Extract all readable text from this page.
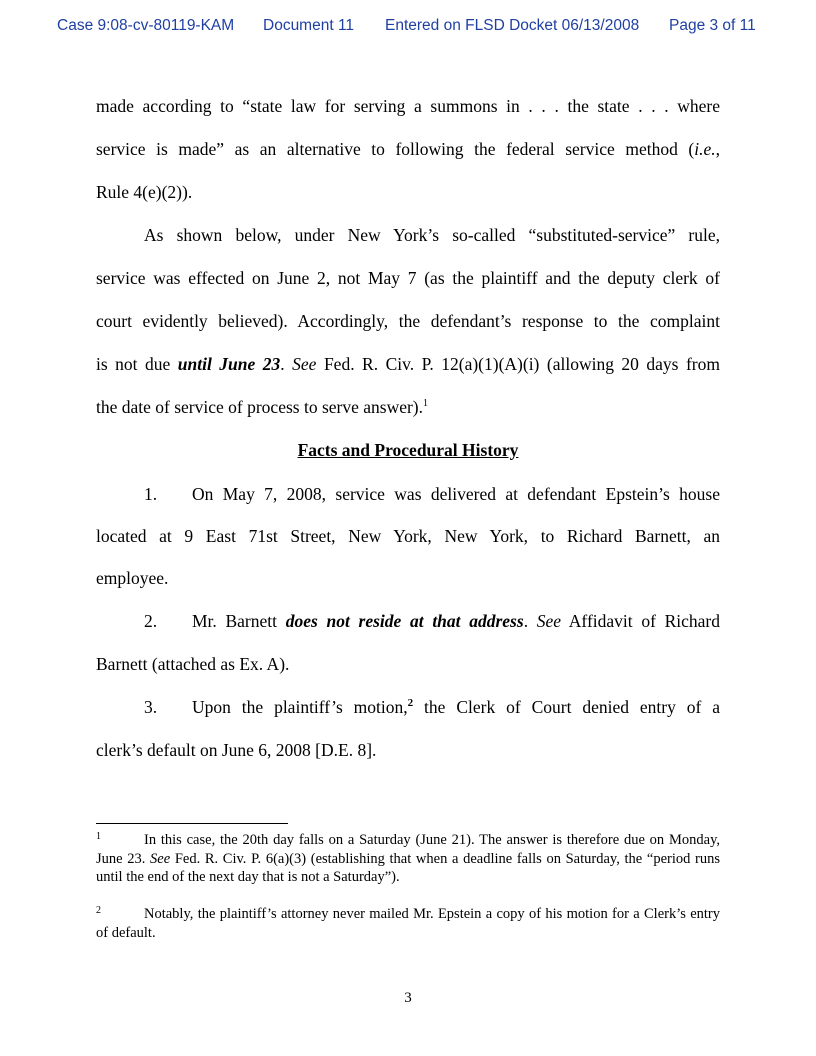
Case 9:08-cv-80119-KAM Document 11 Entered on FLSD Docket 06/13/2008 Page 3 of 11
made according to “state law for serving a summons in . . . the state . . . where
service is made” as an alternative to following the federal service method (i.e.,
Rule 4(e)(2)).
As shown below, under New York’s so-called “substituted-service” rule,
service was effected on June 2, not May 7 (as the plaintiff and the deputy clerk of
court evidently believed). Accordingly, the defendant’s response to the complaint
is not due until June 23. See Fed. R. Civ. P. 12(a)(1)(A)(i) (allowing 20 days from
the date of service of process to serve answer).$^1$
Facts and Procedural History
1.	On May 7, 2008, service was delivered at defendant Epstein’s house
located at 9 East 71st Street, New York, New York, to Richard Barnett, an
employee.
2.	Mr. Barnett does not reside at that address. See Affidavit of Richard
Barnett (attached as Ex. A).
3.	Upon the plaintiff’s motion,$^2$ the Clerk of Court denied entry of a
clerk’s default on June 6, 2008 [D.E. 8].
1	In this case, the 20th day falls on a Saturday (June 21). The answer is therefore due on Monday, June 23. See Fed. R. Civ. P. 6(a)(3) (establishing that when a deadline falls on Saturday, the “period runs until the end of the next day that is not a Saturday”).
2	Notably, the plaintiff’s attorney never mailed Mr. Epstein a copy of his motion for a Clerk’s entry of default.
3
